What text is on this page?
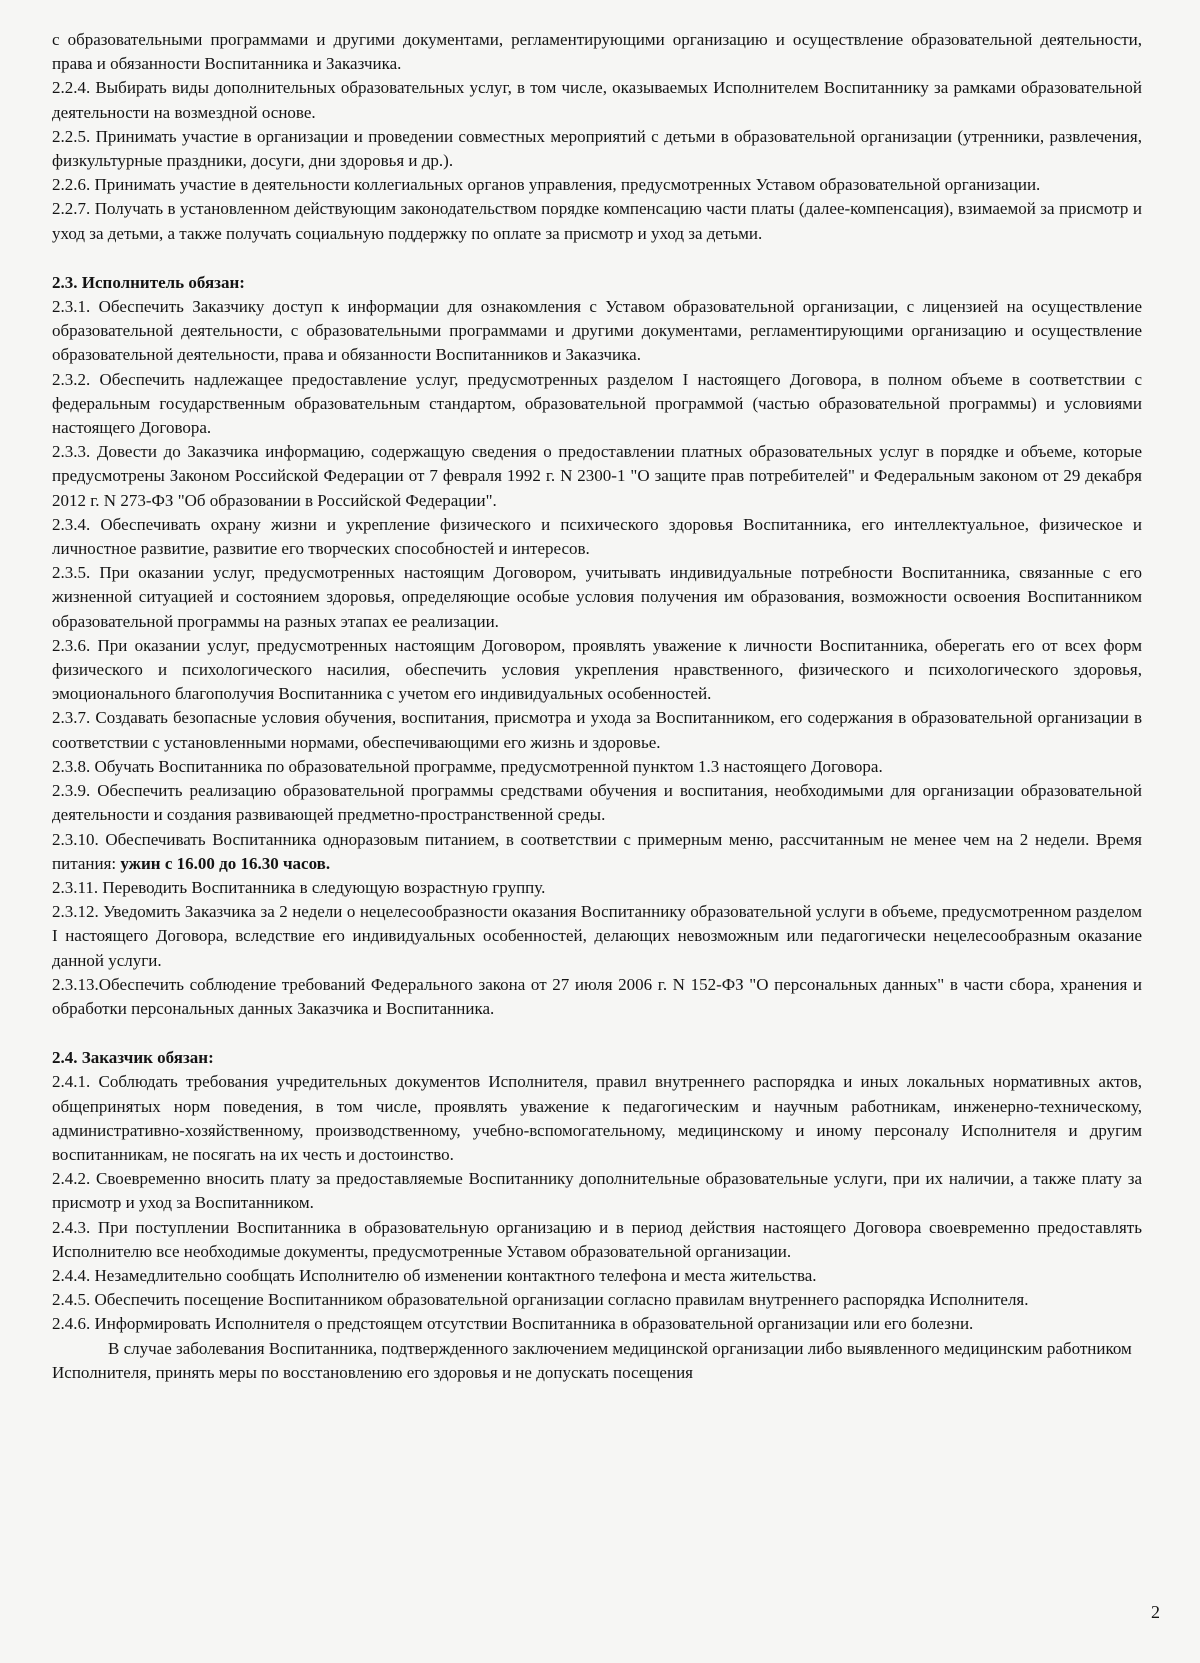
с образовательными программами и другими документами, регламентирующими организацию и осуществление образовательной деятельности, права и обязанности Воспитанника и Заказчика.

2.2.4. Выбирать виды дополнительных образовательных услуг, в том числе, оказываемых Исполнителем Воспитаннику за рамками образовательной деятельности на возмездной основе.

2.2.5. Принимать участие в организации и проведении совместных мероприятий с детьми в образовательной организации (утренники, развлечения, физкультурные праздники, досуги, дни здоровья и др.).

2.2.6. Принимать участие в деятельности коллегиальных органов управления, предусмотренных Уставом образовательной организации.

2.2.7. Получать в установленном действующим законодательством порядке компенсацию части платы (далее-компенсация), взимаемой за присмотр и уход за детьми, а также получать социальную поддержку по оплате за присмотр и уход за детьми.

2.3. Исполнитель обязан:

2.3.1. Обеспечить Заказчику доступ к информации для ознакомления с Уставом образовательной организации, с лицензией на осуществление образовательной деятельности, с образовательными программами и другими документами, регламентирующими организацию и осуществление образовательной деятельности, права и обязанности Воспитанников и Заказчика.

2.3.2. Обеспечить надлежащее предоставление услуг, предусмотренных разделом I настоящего Договора, в полном объеме в соответствии с федеральным государственным образовательным стандартом, образовательной программой (частью образовательной программы) и условиями настоящего Договора.

2.3.3. Довести до Заказчика информацию, содержащую сведения о предоставлении платных образовательных услуг в порядке и объеме, которые предусмотрены Законом Российской Федерации от 7 февраля 1992 г. N 2300-1 "О защите прав потребителей" и Федеральным законом от 29 декабря 2012 г. N 273-ФЗ "Об образовании в Российской Федерации".

2.3.4. Обеспечивать охрану жизни и укрепление физического и психического здоровья Воспитанника, его интеллектуальное, физическое и личностное развитие, развитие его творческих способностей и интересов.

2.3.5. При оказании услуг, предусмотренных настоящим Договором, учитывать индивидуальные потребности Воспитанника, связанные с его жизненной ситуацией и состоянием здоровья, определяющие особые условия получения им образования, возможности освоения Воспитанником образовательной программы на разных этапах ее реализации.

2.3.6. При оказании услуг, предусмотренных настоящим Договором, проявлять уважение к личности Воспитанника, оберегать его от всех форм физического и психологического насилия, обеспечить условия укрепления нравственного, физического и психологического здоровья, эмоционального благополучия Воспитанника с учетом его индивидуальных особенностей.

2.3.7. Создавать безопасные условия обучения, воспитания, присмотра и ухода за Воспитанником, его содержания в образовательной организации в соответствии с установленными нормами, обеспечивающими его жизнь и здоровье.

2.3.8. Обучать Воспитанника по образовательной программе, предусмотренной пунктом 1.3 настоящего Договора.

2.3.9. Обеспечить реализацию образовательной программы средствами обучения и воспитания, необходимыми для организации образовательной деятельности и создания развивающей предметно-пространственной среды.

2.3.10. Обеспечивать Воспитанника одноразовым питанием, в соответствии с примерным меню, рассчитанным не менее чем на 2 недели. Время питания: ужин с 16.00 до 16.30 часов.

2.3.11. Переводить Воспитанника в следующую возрастную группу.

2.3.12. Уведомить Заказчика за 2 недели о нецелесообразности оказания Воспитаннику образовательной услуги в объеме, предусмотренном разделом I настоящего Договора, вследствие его индивидуальных особенностей, делающих невозможным или педагогически нецелесообразным оказание данной услуги.

2.3.13.Обеспечить соблюдение требований Федерального закона от 27 июля 2006 г. N 152-ФЗ "О персональных данных" в части сбора, хранения и обработки персональных данных Заказчика и Воспитанника.

2.4. Заказчик обязан:

2.4.1. Соблюдать требования учредительных документов Исполнителя, правил внутреннего распорядка и иных локальных нормативных актов, общепринятых норм поведения, в том числе, проявлять уважение к педагогическим и научным работникам, инженерно-техническому, административно-хозяйственному, производственному, учебно-вспомогательному, медицинскому и иному персоналу Исполнителя и другим воспитанникам, не посягать на их честь и достоинство.

2.4.2. Своевременно вносить плату за предоставляемые Воспитаннику дополнительные образовательные услуги, при их наличии, а также плату за присмотр и уход за Воспитанником.

2.4.3. При поступлении Воспитанника в образовательную организацию и в период действия настоящего Договора своевременно предоставлять Исполнителю все необходимые документы, предусмотренные Уставом образовательной организации.

2.4.4. Незамедлительно сообщать Исполнителю об изменении контактного телефона и места жительства.

2.4.5. Обеспечить посещение Воспитанником образовательной организации согласно правилам внутреннего распорядка Исполнителя.

2.4.6. Информировать Исполнителя о предстоящем отсутствии Воспитанника в образовательной организации или его болезни.

В случае заболевания Воспитанника, подтвержденного заключением медицинской организации либо выявленного медицинским работником Исполнителя, принять меры по восстановлению его здоровья и не допускать посещения

2
